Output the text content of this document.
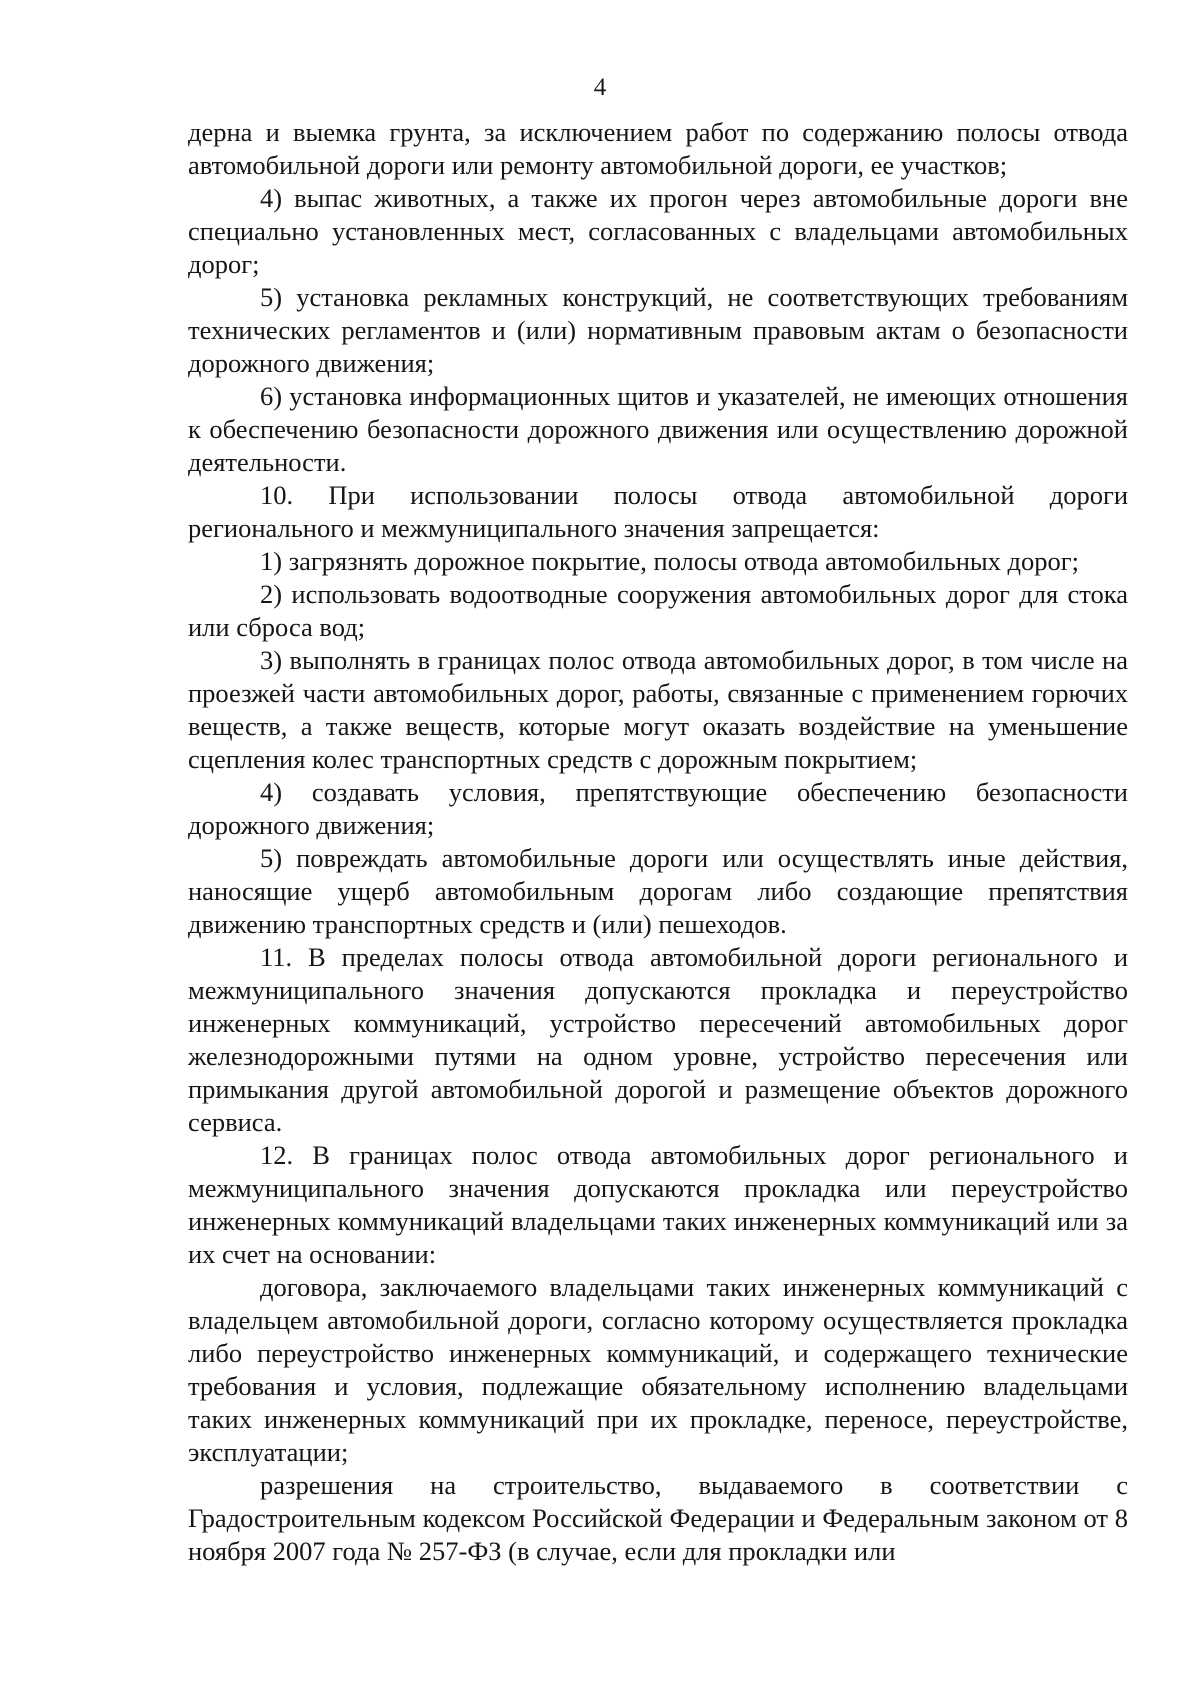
4

дерна и выемка грунта, за исключением работ по содержанию полосы отвода автомобильной дороги или ремонту автомобильной дороги, ее участков;

4) выпас животных, а также их прогон через автомобильные дороги вне специально установленных мест, согласованных с владельцами автомобильных дорог;

5) установка рекламных конструкций, не соответствующих требованиям технических регламентов и (или) нормативным правовым актам о безопасности дорожного движения;

6) установка информационных щитов и указателей, не имеющих отношения к обеспечению безопасности дорожного движения или осуществлению дорожной деятельности.

10. При использовании полосы отвода автомобильной дороги регионального и межмуниципального значения запрещается:

1) загрязнять дорожное покрытие, полосы отвода автомобильных дорог;

2) использовать водоотводные сооружения автомобильных дорог для стока или сброса вод;

3) выполнять в границах полос отвода автомобильных дорог, в том числе на проезжей части автомобильных дорог, работы, связанные с применением горючих веществ, а также веществ, которые могут оказать воздействие на уменьшение сцепления колес транспортных средств с дорожным покрытием;

4) создавать условия, препятствующие обеспечению безопасности дорожного движения;

5) повреждать автомобильные дороги или осуществлять иные действия, наносящие ущерб автомобильным дорогам либо создающие препятствия движению транспортных средств и (или) пешеходов.

11. В пределах полосы отвода автомобильной дороги регионального и межмуниципального значения допускаются прокладка и переустройство инженерных коммуникаций, устройство пересечений автомобильных дорог железнодорожными путями на одном уровне, устройство пересечения или примыкания другой автомобильной дорогой и размещение объектов дорожного сервиса.

12. В границах полос отвода автомобильных дорог регионального и межмуниципального значения допускаются прокладка или переустройство инженерных коммуникаций владельцами таких инженерных коммуникаций или за их счет на основании:

договора, заключаемого владельцами таких инженерных коммуникаций с владельцем автомобильной дороги, согласно которому осуществляется прокладка либо переустройство инженерных коммуникаций, и содержащего технические требования и условия, подлежащие обязательному исполнению владельцами таких инженерных коммуникаций при их прокладке, переносе, переустройстве, эксплуатации;

разрешения на строительство, выдаваемого в соответствии с Градостроительным кодексом Российской Федерации и Федеральным законом от 8 ноября 2007 года № 257-ФЗ (в случае, если для прокладки или
